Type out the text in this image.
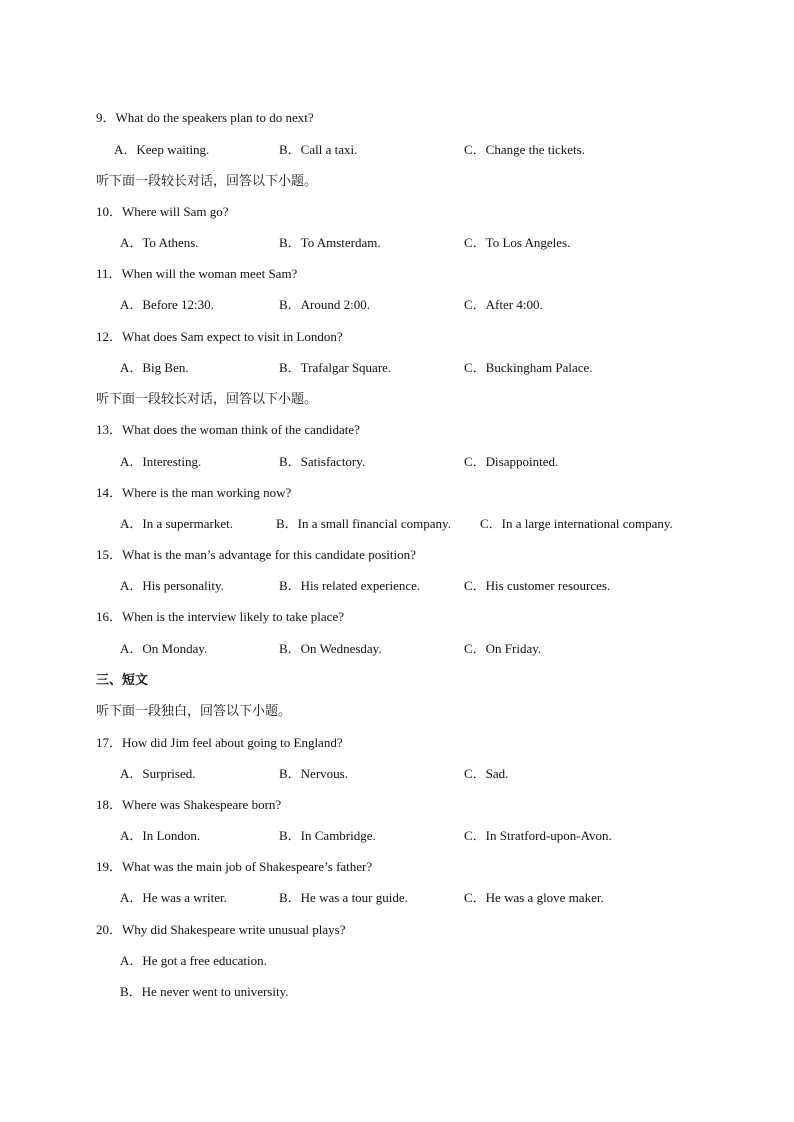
9．What do the speakers plan to do next?
A．Keep waiting.	B．Call a taxi.	C．Change the tickets.
听下面一段较长对话，回答以下小题。
10．Where will Sam go?
A．To Athens.	B．To Amsterdam.	C．To Los Angeles.
11．When will the woman meet Sam?
A．Before 12:30.	B．Around 2:00.	C．After 4:00.
12．What does Sam expect to visit in London?
A．Big Ben.	B．Trafalgar Square.	C．Buckingham Palace.
听下面一段较长对话，回答以下小题。
13．What does the woman think of the candidate?
A．Interesting.	B．Satisfactory.	C．Disappointed.
14．Where is the man working now?
A．In a supermarket.	B．In a small financial company. C．In a large international company.
15．What is the man’s advantage for this candidate position?
A．His personality.	B．His related experience.	C．His customer resources.
16．When is the interview likely to take place?
A．On Monday.	B．On Wednesday.	C．On Friday.
三、短文
听下面一段独白，回答以下小题。
17．How did Jim feel about going to England?
A．Surprised.	B．Nervous.	C．Sad.
18．Where was Shakespeare born?
A．In London.	B．In Cambridge.	C．In Stratford-upon-Avon.
19．What was the main job of Shakespeare’s father?
A．He was a writer.	B．He was a tour guide.	C．He was a glove maker.
20．Why did Shakespeare write unusual plays?
A．He got a free education.
B．He never went to university.
